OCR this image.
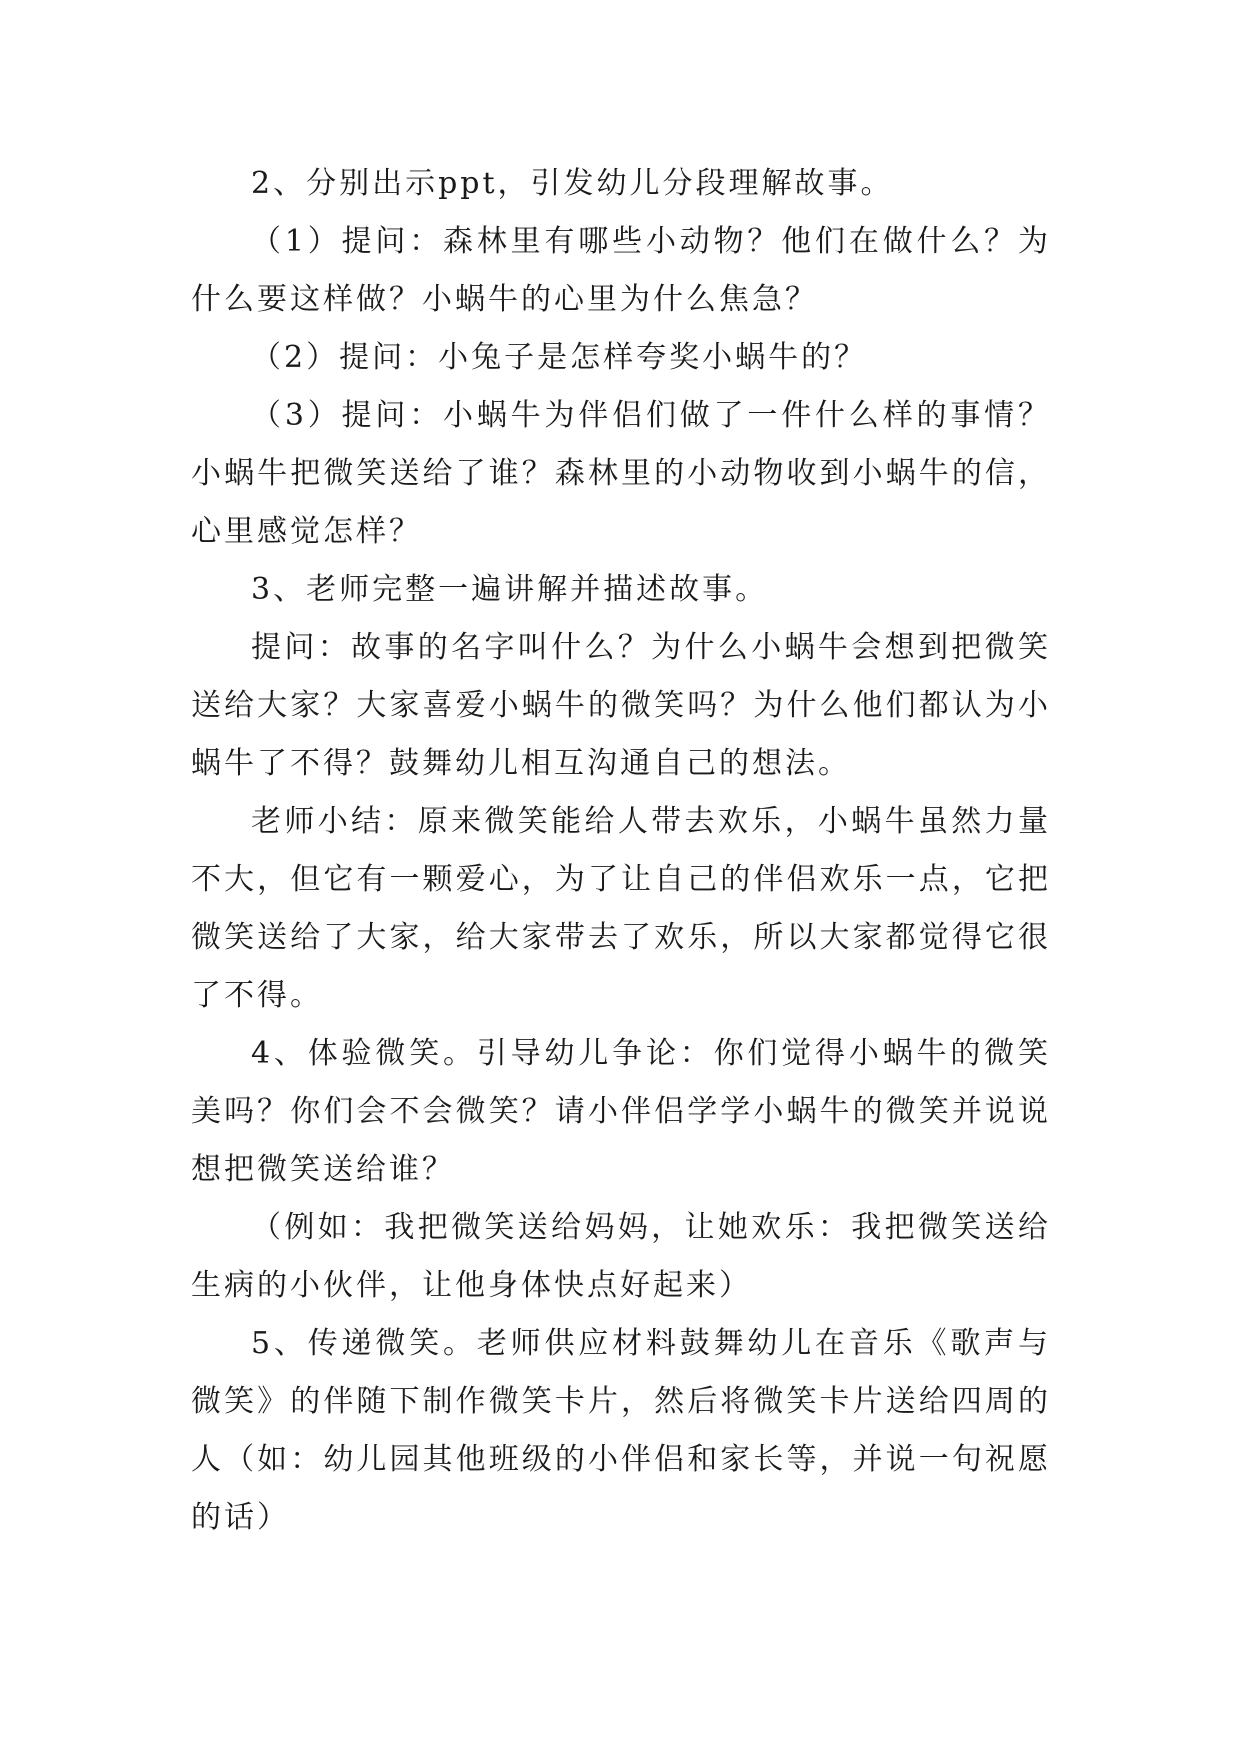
2、分别出示ppt，引发幼儿分段理解故事。

（1）提问：森林里有哪些小动物？他们在做什么？为什么要这样做？小蜗牛的心里为什么焦急？

（2）提问：小兔子是怎样夸奖小蜗牛的？

（3）提问：小蜗牛为伴侣们做了一件什么样的事情？小蜗牛把微笑送给了谁？森林里的小动物收到小蜗牛的信，心里感觉怎样？

3、老师完整一遍讲解并描述故事。

提问：故事的名字叫什么？为什么小蜗牛会想到把微笑送给大家？大家喜爱小蜗牛的微笑吗？为什么他们都认为小蜗牛了不得？鼓舞幼儿相互沟通自己的想法。

老师小结：原来微笑能给人带去欢乐，小蜗牛虽然力量不大，但它有一颗爱心，为了让自己的伴侣欢乐一点，它把微笑送给了大家，给大家带去了欢乐，所以大家都觉得它很了不得。

4、体验微笑。引导幼儿争论：你们觉得小蜗牛的微笑美吗？你们会不会微笑？请小伴侣学学小蜗牛的微笑并说说想把微笑送给谁？

（例如：我把微笑送给妈妈，让她欢乐：我把微笑送给生病的小伙伴，让他身体快点好起来）

5、传递微笑。老师供应材料鼓舞幼儿在音乐《歌声与微笑》的伴随下制作微笑卡片，然后将微笑卡片送给四周的人（如：幼儿园其他班级的小伴侣和家长等，并说一句祝愿的话）
